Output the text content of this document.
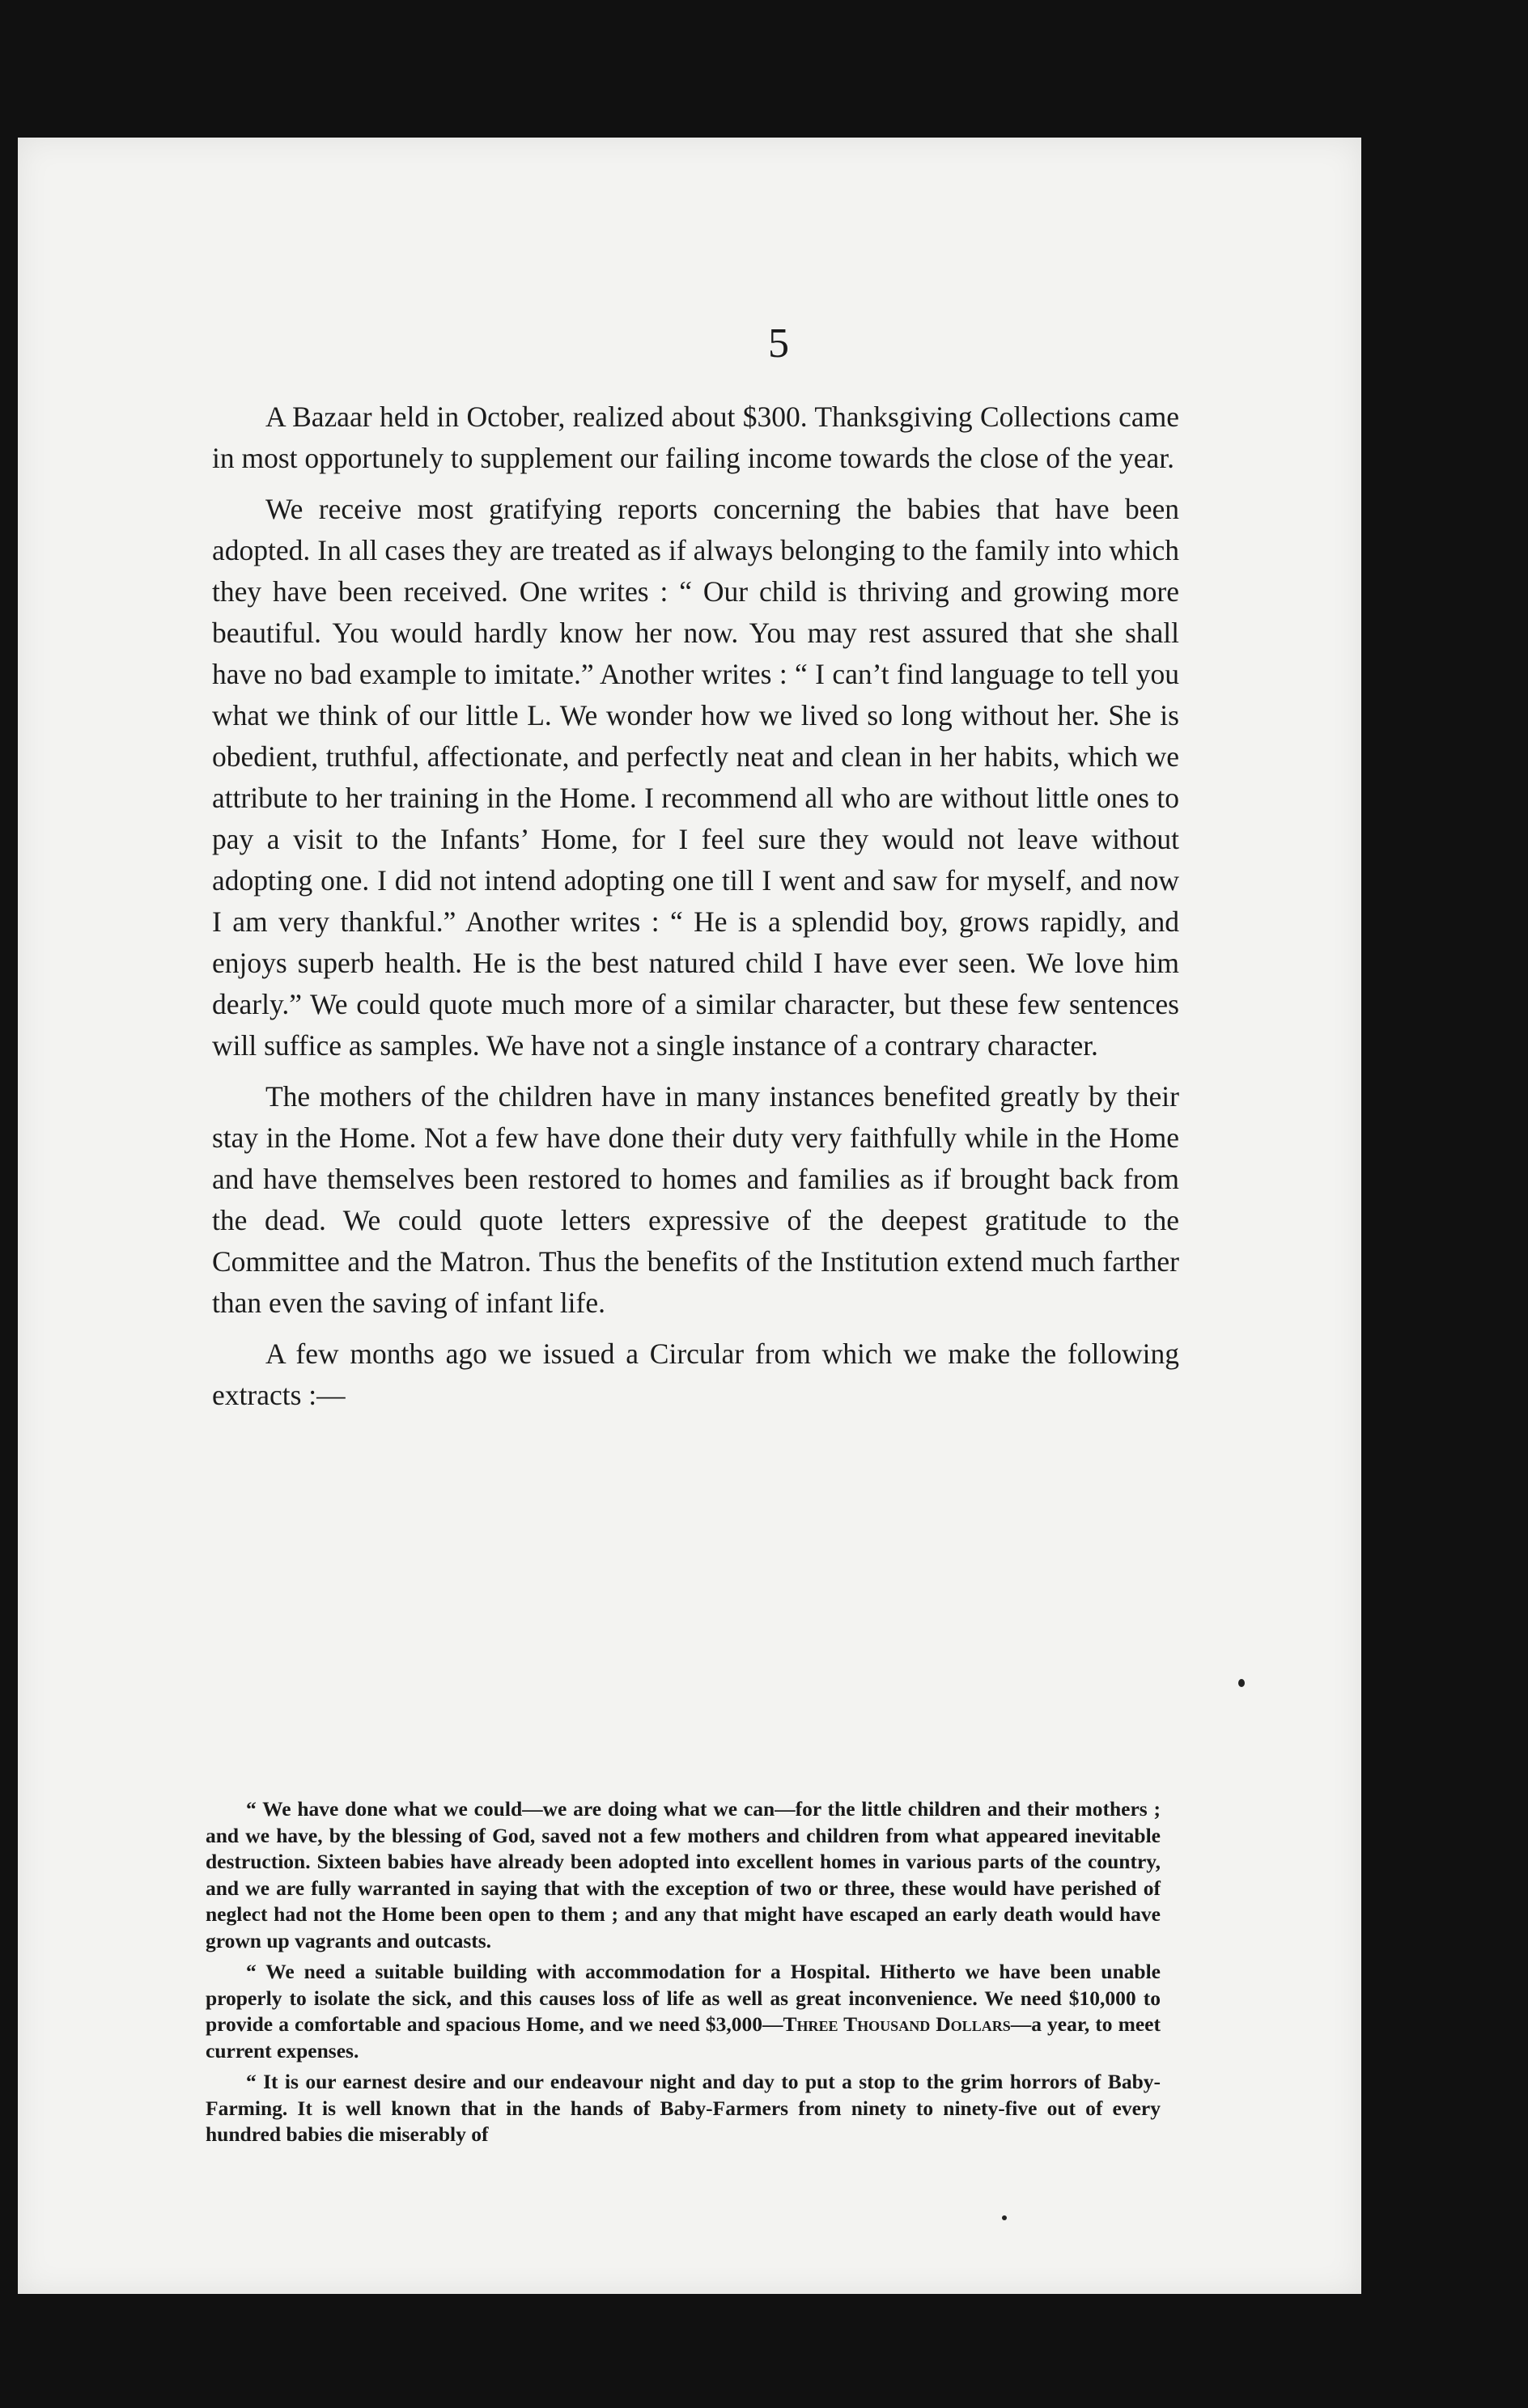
5

A Bazaar held in October, realized about $300. Thanksgiving Collections came in most opportunely to supplement our failing income towards the close of the year.

We receive most gratifying reports concerning the babies that have been adopted. In all cases they are treated as if always belonging to the family into which they have been received. One writes : “ Our child is thriving and growing more beautiful. You would hardly know her now. You may rest assured that she shall have no bad example to imitate.” Another writes : “ I can’t find language to tell you what we think of our little L. We wonder how we lived so long without her. She is obedient, truthful, affectionate, and perfectly neat and clean in her habits, which we attribute to her training in the Home. I recommend all who are without little ones to pay a visit to the Infants’ Home, for I feel sure they would not leave without adopting one. I did not intend adopting one till I went and saw for myself, and now I am very thankful.” Another writes : “ He is a splendid boy, grows rapidly, and enjoys superb health. He is the best natured child I have ever seen. We love him dearly.” We could quote much more of a similar character, but these few sentences will suffice as samples. We have not a single instance of a contrary character.

The mothers of the children have in many instances benefited greatly by their stay in the Home. Not a few have done their duty very faithfully while in the Home and have themselves been restored to homes and families as if brought back from the dead. We could quote letters expressive of the deepest gratitude to the Committee and the Matron. Thus the benefits of the Institution extend much farther than even the saving of infant life.

A few months ago we issued a Circular from which we make the following extracts :—

“ We have done what we could—we are doing what we can—for the little children and their mothers ; and we have, by the blessing of God, saved not a few mothers and children from what appeared inevitable destruction. Sixteen babies have already been adopted into excellent homes in various parts of the country, and we are fully warranted in saying that with the exception of two or three, these would have perished of neglect had not the Home been open to them ; and any that might have escaped an early death would have grown up vagrants and outcasts.

“ We need a suitable building with accommodation for a Hospital. Hitherto we have been unable properly to isolate the sick, and this causes loss of life as well as great inconvenience. We need $10,000 to provide a comfortable and spacious Home, and we need $3,000—Three Thousand Dollars—a year, to meet current expenses.

“ It is our earnest desire and our endeavour night and day to put a stop to the grim horrors of Baby-Farming. It is well known that in the hands of Baby-Farmers from ninety to ninety-five out of every hundred babies die miserably of
